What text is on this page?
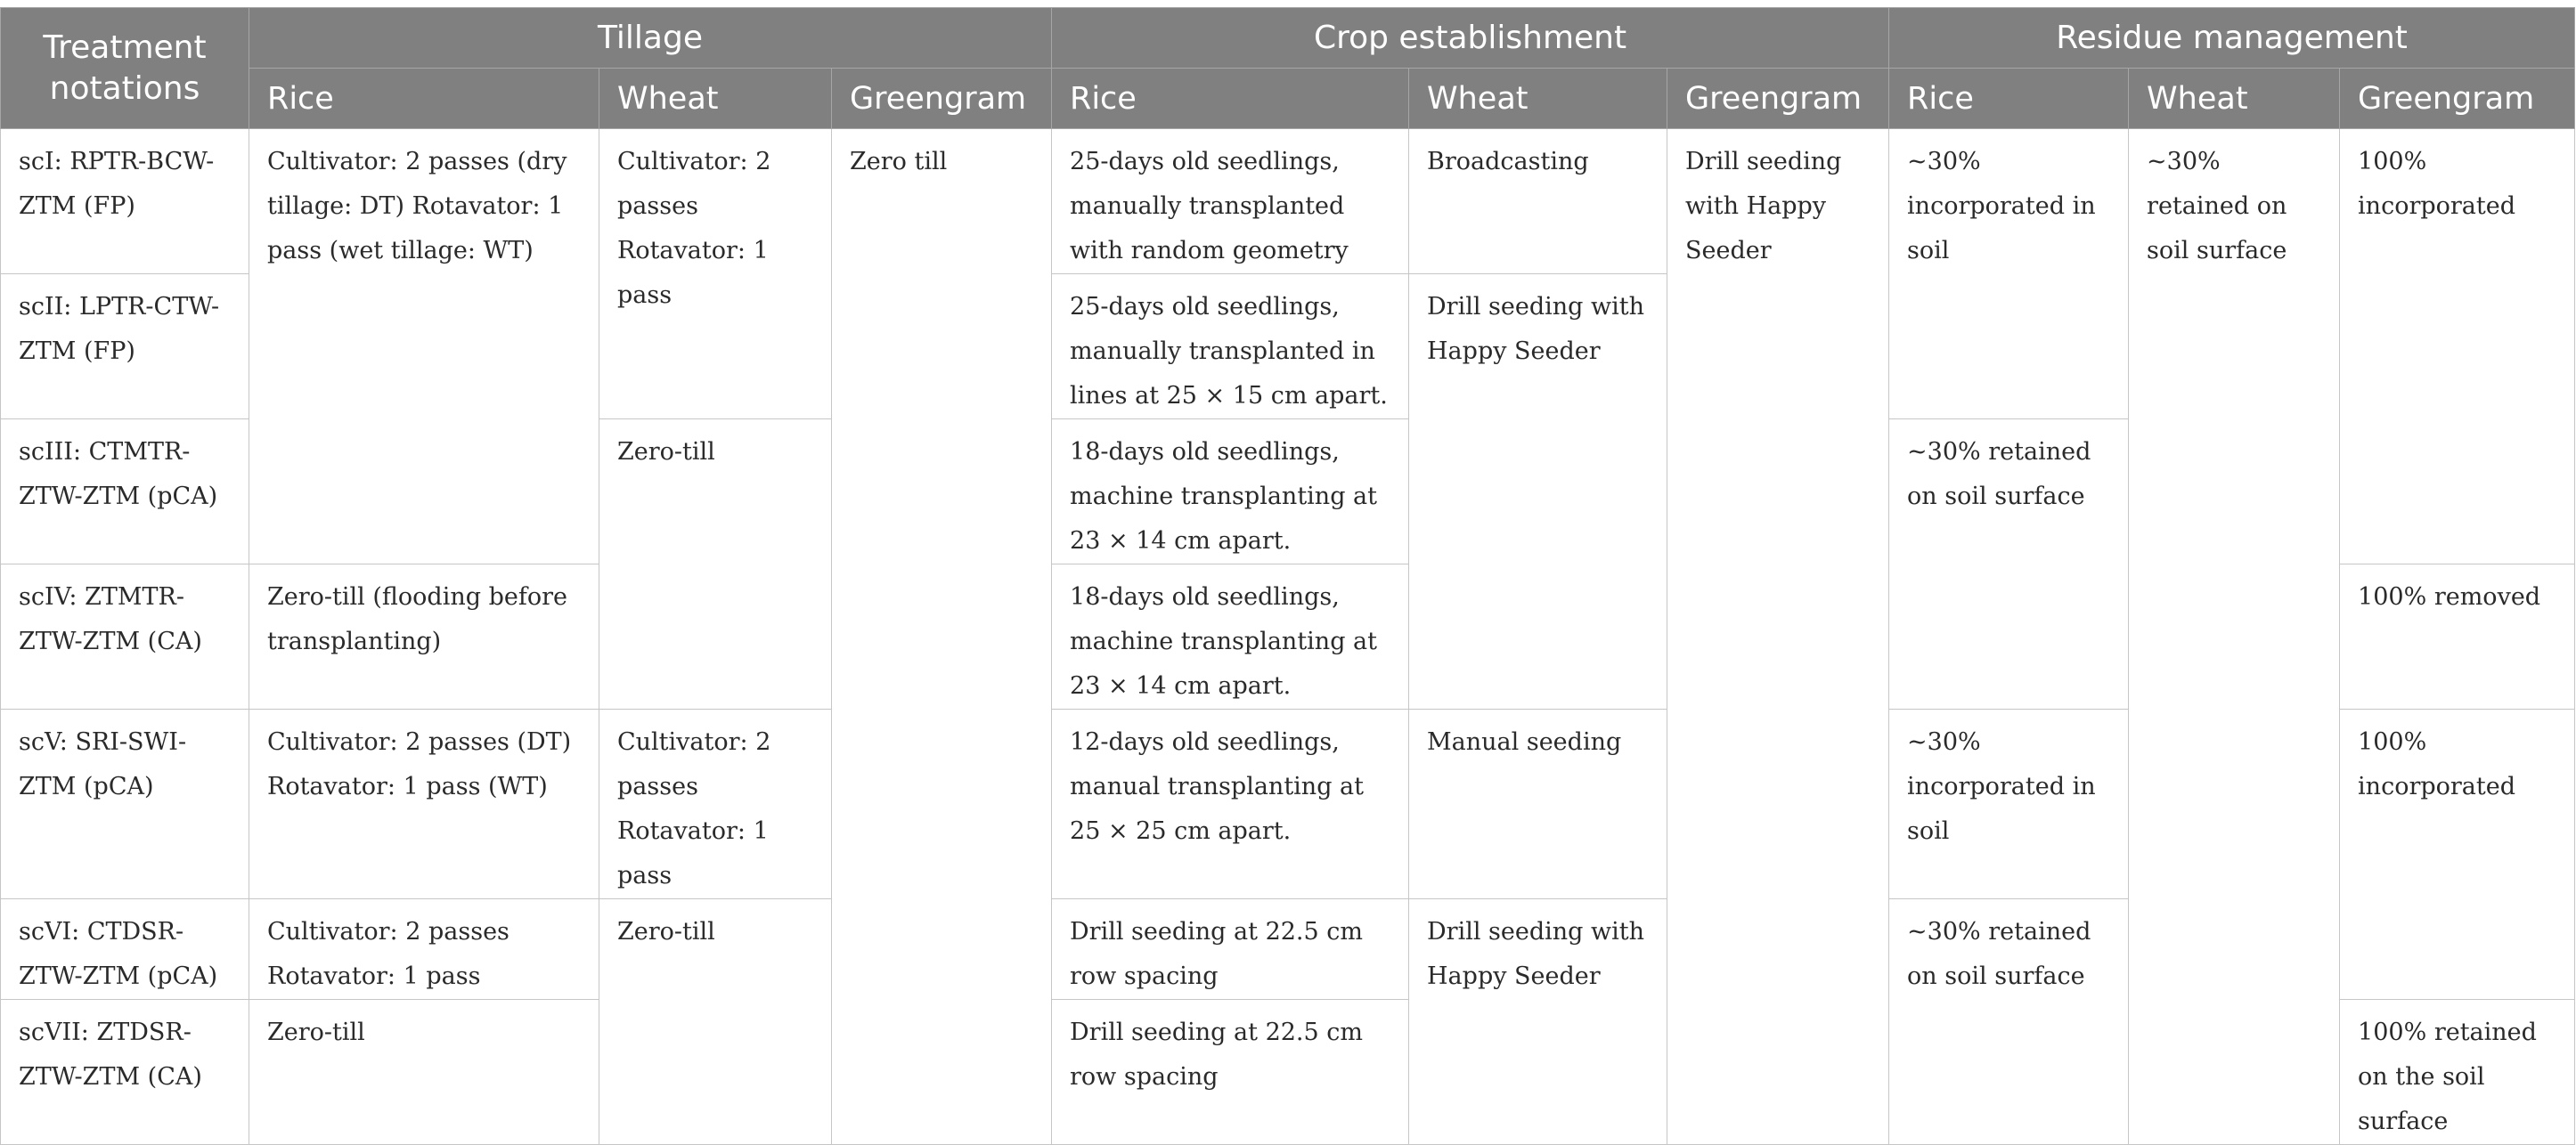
Treatment notations	Tillage			Crop establishment			Residue management		
	Rice	Wheat	Greengram	Rice	Wheat	Greengram	Rice	Wheat	Greengram
scI: RPTR-BCW-ZTM (FP)	Cultivator: 2 passes (dry tillage: DT) Rotavator: 1 pass (wet tillage: WT)	Cultivator: 2 passes Rotavator: 1 pass	Zero till	25-days old seedlings, manually transplanted with random geometry	Broadcasting	Drill seeding with Happy Seeder	~30% incorporated in soil	~30% retained on soil surface	100% incorporated
scII: LPTR-CTW-ZTM (FP)				25-days old seedlings, manually transplanted in lines at 25 × 15 cm apart.	Drill seeding with Happy Seeder				
scIII: CTMTR-ZTW-ZTM (pCA)		Zero-till		18-days old seedlings, machine transplanting at 23 × 14 cm apart.			~30% retained on soil surface		
scIV: ZTMTR-ZTW-ZTM (CA)	Zero-till (flooding before transplanting)			18-days old seedlings, machine transplanting at 23 × 14 cm apart.					100% removed
scV: SRI-SWI-ZTM (pCA)	Cultivator: 2 passes (DT) Rotavator: 1 pass (WT)	Cultivator: 2 passes Rotavator: 1 pass		12-days old seedlings, manual transplanting at 25 × 25 cm apart.	Manual seeding		~30% incorporated in soil		100% incorporated
scVI: CTDSR-ZTW-ZTM (pCA)	Cultivator: 2 passes Rotavator: 1 pass	Zero-till		Drill seeding at 22.5 cm row spacing	Drill seeding with Happy Seeder		~30% retained on soil surface		
scVII: ZTDSR-ZTW-ZTM (CA)	Zero-till			Drill seeding at 22.5 cm row spacing					100% retained on the soil surface
